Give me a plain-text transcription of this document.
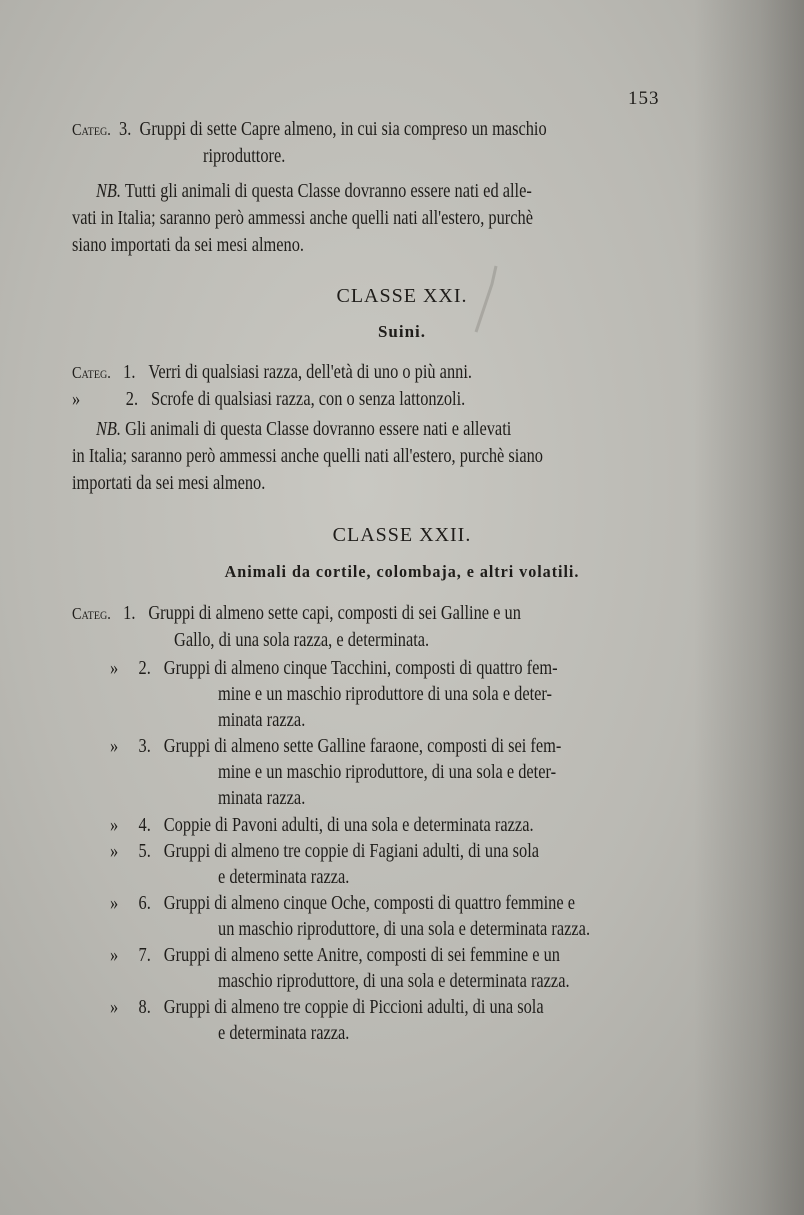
153
Categ. 3. Gruppi di sette Capre almeno, in cui sia compreso un maschio
riproduttore.
NB. Tutti gli animali di questa Classe dovranno essere nati ed alle-
vati in Italia; saranno però ammessi anche quelli nati all'estero, purchè
siano importati da sei mesi almeno.
CLASSE XXI.
Suini.
Categ. 1. Verri di qualsiasi razza, dell'età di uno o più anni.
» 2. Scrofe di qualsiasi razza, con o senza lattonzoli.
NB. Gli animali di questa Classe dovranno essere nati e allevati
in Italia; saranno però ammessi anche quelli nati all'estero, purchè siano
importati da sei mesi almeno.
CLASSE XXII.
Animali da cortile, colombaja, e altri volatili.
Categ. 1. Gruppi di almeno sette capi, composti di sei Galline e un
Gallo, di una sola razza, e determinata.
» 2. Gruppi di almeno cinque Tacchini, composti di quattro fem-
mine e un maschio riproduttore di una sola e deter-
minata razza.
» 3. Gruppi di almeno sette Galline faraone, composti di sei fem-
mine e un maschio riproduttore, di una sola e deter-
minata razza.
» 4. Coppie di Pavoni adulti, di una sola e determinata razza.
» 5. Gruppi di almeno tre coppie di Fagiani adulti, di una sola
e determinata razza.
» 6. Gruppi di almeno cinque Oche, composti di quattro femmine e
un maschio riproduttore, di una sola e determinata razza.
» 7. Gruppi di almeno sette Anitre, composti di sei femmine e un
maschio riproduttore, di una sola e determinata razza.
» 8. Gruppi di almeno tre coppie di Piccioni adulti, di una sola
e determinata razza.
